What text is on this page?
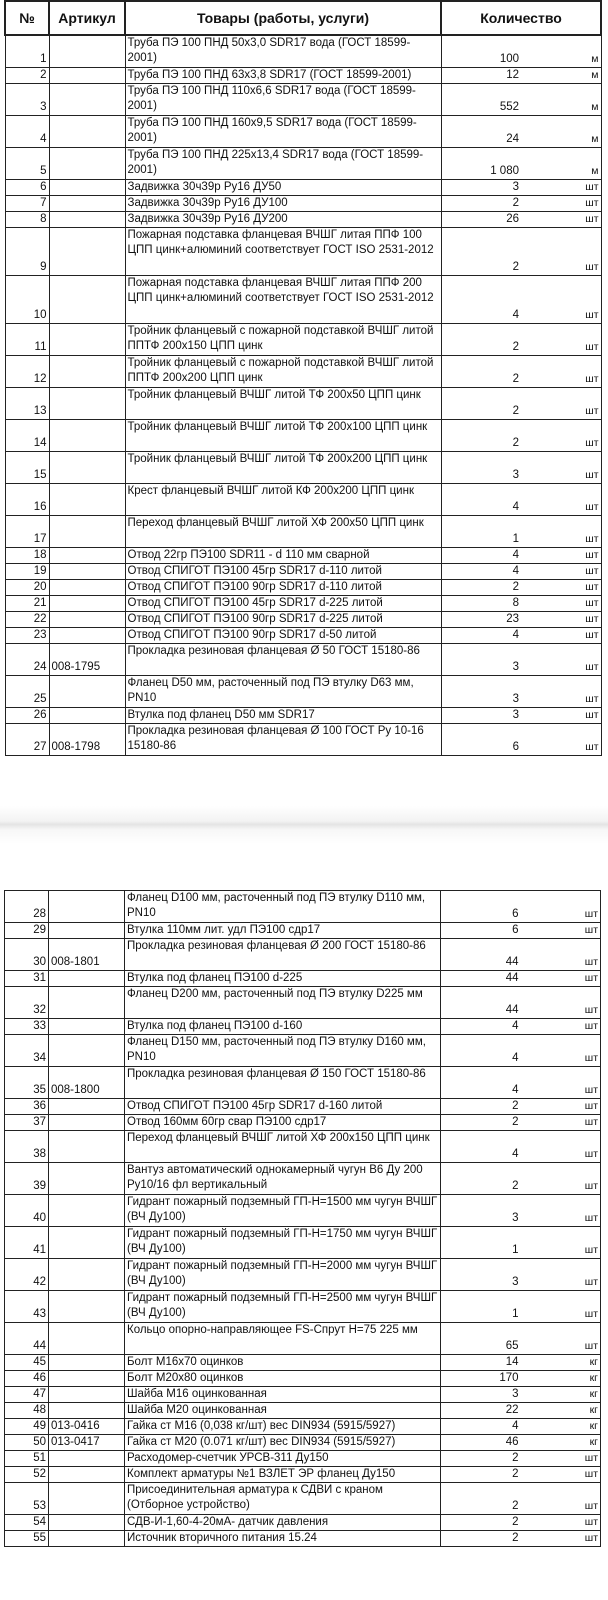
№	Артикул	Товары (работы, услуги)	Количество	
1		Труба ПЭ 100 ПНД 50х3,0 SDR17 вода (ГОСТ 18599-2001)	100	м
2		Труба ПЭ 100 ПНД 63х3,8 SDR17 (ГОСТ 18599-2001)	12	м
3		Труба ПЭ 100 ПНД 110х6,6 SDR17 вода (ГОСТ 18599-2001)	552	м
4		Труба ПЭ 100 ПНД 160х9,5 SDR17 вода (ГОСТ 18599-2001)	24	м
5		Труба ПЭ 100 ПНД 225х13,4 SDR17 вода (ГОСТ 18599-2001)	1 080	м
6		Задвижка 30ч39р Ру16 ДУ50	3	шт
7		Задвижка 30ч39р Ру16 ДУ100	2	шт
8		Задвижка 30ч39р Ру16 ДУ200	26	шт
9		Пожарная подставка фланцевая ВЧШГ литая ППФ 100 ЦПП цинк+алюминий соответствует ГОСТ ISO 2531-2012	2	шт
10		Пожарная подставка фланцевая ВЧШГ литая ППФ 200 ЦПП цинк+алюминий соответствует ГОСТ ISO 2531-2012	4	шт
11		Тройник фланцевый с пожарной подставкой ВЧШГ литой ППТФ 200х150 ЦПП цинк	2	шт
12		Тройник фланцевый с пожарной подставкой ВЧШГ литой ППТФ 200х200 ЦПП цинк	2	шт
13		Тройник фланцевый ВЧШГ литой ТФ 200х50 ЦПП цинк	2	шт
14		Тройник фланцевый ВЧШГ литой ТФ 200х100 ЦПП цинк	2	шт
15		Тройник фланцевый ВЧШГ литой ТФ 200х200 ЦПП цинк	3	шт
16		Крест фланцевый ВЧШГ литой КФ 200х200 ЦПП цинк	4	шт
17		Переход фланцевый ВЧШГ литой ХФ 200х50 ЦПП цинк	1	шт
18		Отвод 22гр ПЭ100 SDR11 - d 110 мм сварной	4	шт
19		Отвод СПИГОТ ПЭ100 45гр SDR17 d-110 литой	4	шт
20		Отвод СПИГОТ ПЭ100 90гр SDR17 d-110 литой	2	шт
21		Отвод СПИГОТ ПЭ100 45гр SDR17 d-225 литой	8	шт
22		Отвод СПИГОТ ПЭ100 90гр SDR17 d-225 литой	23	шт
23		Отвод СПИГОТ ПЭ100 90гр SDR17 d-50 литой	4	шт
24	008-1795	Прокладка резиновая фланцевая Ø 50 ГОСТ 15180-86	3	шт
25		Фланец D50 мм, расточенный под ПЭ втулку D63 мм, PN10	3	шт
26		Втулка под фланец D50 мм SDR17	3	шт
27	008-1798	Прокладка резиновая фланцевая Ø 100 ГОСТ Ру 10-16 15180-86	6	шт
28		Фланец D100 мм, расточенный под ПЭ втулку D110 мм, PN10	6	шт
29		Втулка 110мм лит. удл ПЭ100 сдр17	6	шт
30	008-1801	Прокладка резиновая фланцевая Ø 200 ГОСТ 15180-86	44	шт
31		Втулка под фланец ПЭ100 d-225	44	шт
32		Фланец D200 мм, расточенный под ПЭ втулку D225 мм	44	шт
33		Втулка под фланец ПЭ100 d-160	4	шт
34		Фланец D150 мм, расточенный под ПЭ втулку D160 мм, PN10	4	шт
35	008-1800	Прокладка резиновая фланцевая Ø 150 ГОСТ 15180-86	4	шт
36		Отвод СПИГОТ ПЭ100 45гр SDR17 d-160 литой	2	шт
37		Отвод 160мм 60гр свар ПЭ100 сдр17	2	шт
38		Переход фланцевый ВЧШГ литой ХФ 200х150 ЦПП цинк	4	шт
39		Вантуз автоматический однокамерный чугун В6 Ду 200 Ру10/16 фл вертикальный	2	шт
40		Гидрант пожарный подземный ГП-Н=1500 мм чугун ВЧШГ (ВЧ Ду100)	3	шт
41		Гидрант пожарный подземный ГП-Н=1750 мм чугун ВЧШГ (ВЧ Ду100)	1	шт
42		Гидрант пожарный подземный ГП-Н=2000 мм чугун ВЧШГ (ВЧ Ду100)	3	шт
43		Гидрант пожарный подземный ГП-Н=2500 мм чугун ВЧШГ (ВЧ Ду100)	1	шт
44		Кольцо опорно-направляющее FS-Спрут H=75 225 мм	65	шт
45		Болт М16х70 оцинков	14	кг
46		Болт М20х80 оцинков	170	кг
47		Шайба М16 оцинкованная	3	кг
48		Шайба М20 оцинкованная	22	кг
49	013-0416	Гайка ст М16 (0,038 кг/шт) вес DIN934 (5915/5927)	4	кг
50	013-0417	Гайка ст М20 (0.071 кг/шт) вес DIN934 (5915/5927)	46	кг
51		Расходомер-счетчик УРСВ-311 Ду150	2	шт
52		Комплект арматуры №1 ВЗЛЕТ ЭР фланец Ду150	2	шт
53		Присоединительная арматура к СДВИ с краном (Отборное устройство)	2	шт
54		СДВ-И-1,60-4-20мА- датчик давления	2	шт
55		Источник вторичного питания 15.24	2	шт
